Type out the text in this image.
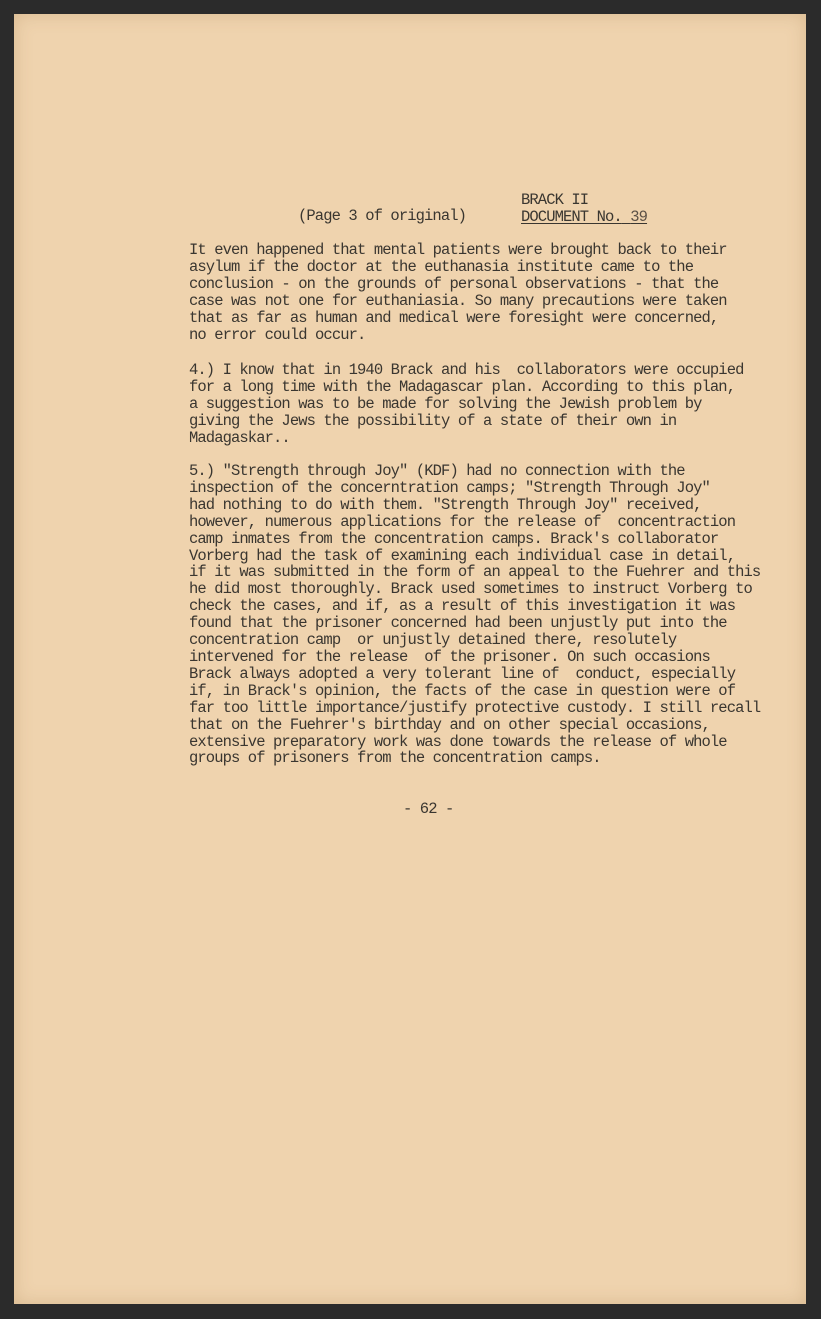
(Page 3 of original)
BRACK II
DOCUMENT No. 39
It even happened that mental patients were brought back to their
asylum if the doctor at the euthanasia institute came to the
conclusion - on the grounds of personal observations - that the
case was not one for euthaniasia. So many precautions were taken
that as far as human and medical were foresight were concerned,
no error could occur.
4.) I know that in 1940 Brack and his  collaborators were occupied
for a long time with the Madagascar plan. According to this plan,
a suggestion was to be made for solving the Jewish problem by
giving the Jews the possibility of a state of their own in
Madagaskar..
5.) "Strength through Joy" (KDF) had no connection with the
inspection of the concerntration camps; "Strength Through Joy"
had nothing to do with them. "Strength Through Joy" received,
however, numerous applications for the release of  concentraction
camp inmates from the concentration camps. Brack's collaborator
Vorberg had the task of examining each individual case in detail,
if it was submitted in the form of an appeal to the Fuehrer and this
he did most thoroughly. Brack used sometimes to instruct Vorberg to
check the cases, and if, as a result of this investigation it was
found that the prisoner concerned had been unjustly put into the
concentration camp  or unjustly detained there, resolutely
intervened for the release  of the prisoner. On such occasions
Brack always adopted a very tolerant line of  conduct, especially
if, in Brack's opinion, the facts of the case in question were of
far too little importance/justify protective custody. I still recall
that on the Fuehrer's birthday and on other special occasions,
extensive preparatory work was done towards the release of whole
groups of prisoners from the concentration camps.
- 62 -
